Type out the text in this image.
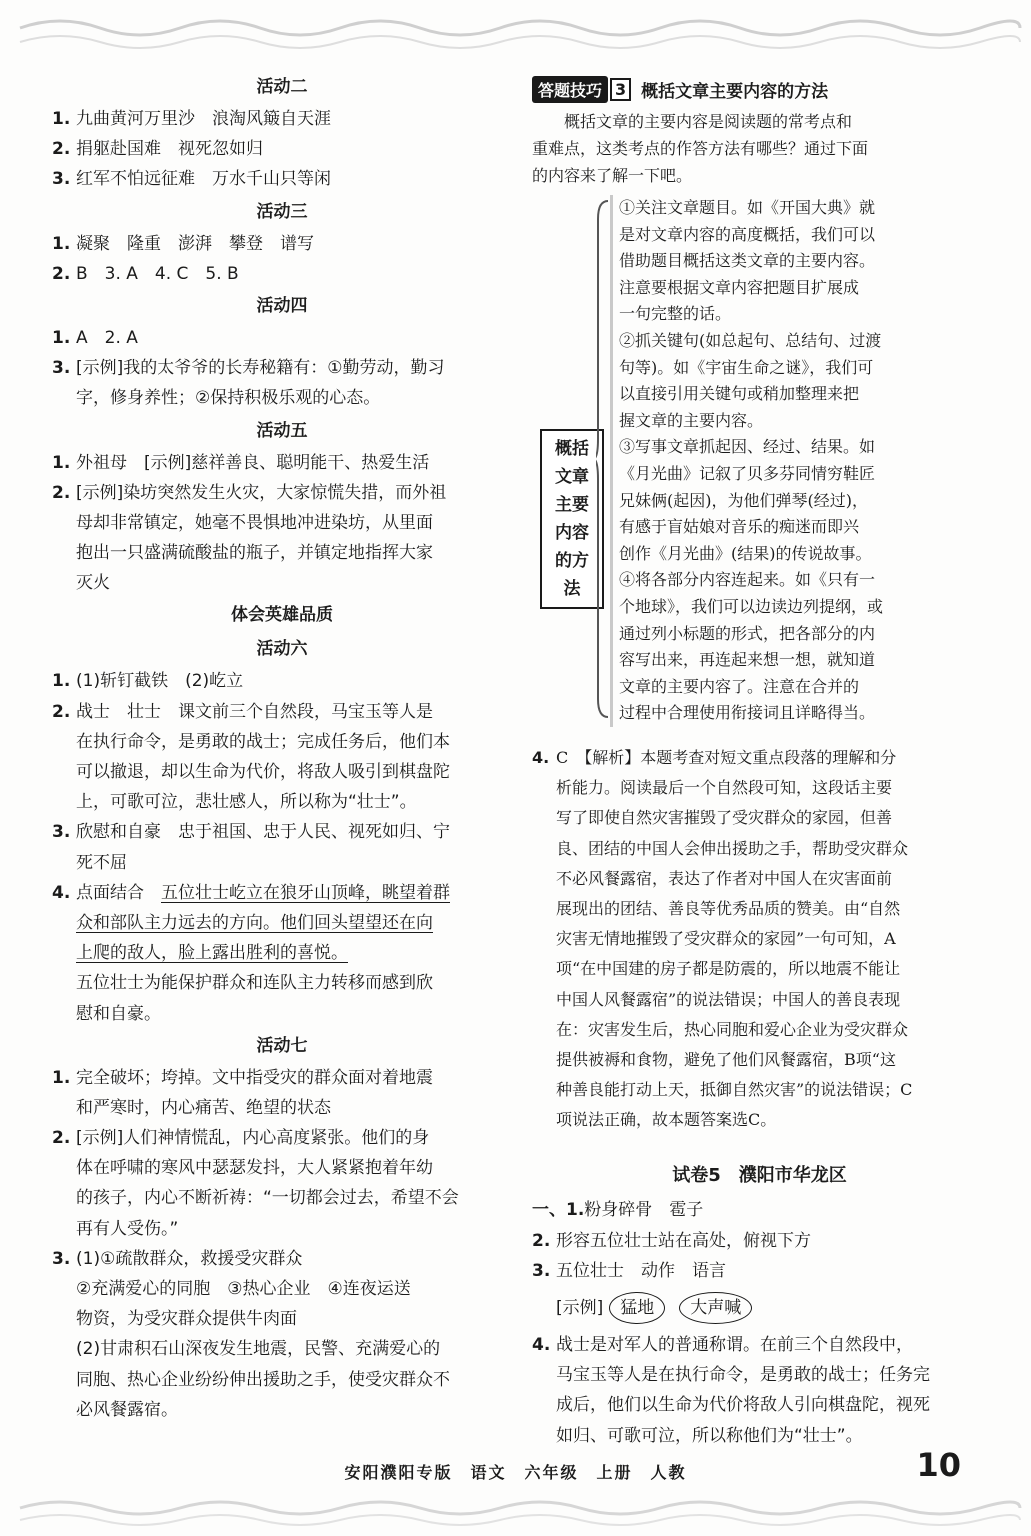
活动二
1. 九曲黄河万里沙　浪淘风簸自天涯
2. 捐躯赴国难　视死忽如归
3. 红军不怕远征难　万水千山只等闲
活动三
1. 凝聚　隆重　澎湃　攀登　谱写
2. B　3. A　4. C　5. B
活动四
1. A　2. A
3. [示例]我的太爷爷的长寿秘籍有：①勤劳动，勤习
字，修身养性；②保持积极乐观的心态。
活动五
1. 外祖母　[示例]慈祥善良、聪明能干、热爱生活
2. [示例]染坊突然发生火灾，大家惊慌失措，而外祖
母却非常镇定，她毫不畏惧地冲进染坊，从里面
抱出一只盛满硫酸盐的瓶子，并镇定地指挥大家
灭火
体会英雄品质
活动六
1. (1)斩钉截铁　(2)屹立
2. 战士　壮士　课文前三个自然段，马宝玉等人是
在执行命令，是勇敢的战士；完成任务后，他们本
可以撤退，却以生命为代价，将敌人吸引到棋盘陀
上，可歌可泣，悲壮感人，所以称为“壮士”。
3. 欣慰和自豪　忠于祖国、忠于人民、视死如归、宁
死不屈
4. 点面结合　五位壮士屹立在狼牙山顶峰，眺望着群
众和部队主力远去的方向。他们回头望望还在向
上爬的敌人，脸上露出胜利的喜悦。
五位壮士为能保护群众和连队主力转移而感到欣
慰和自豪。
活动七
1. 完全破坏；垮掉。文中指受灾的群众面对着地震
和严寒时，内心痛苦、绝望的状态
2. [示例]人们神情慌乱，内心高度紧张。他们的身
体在呼啸的寒风中瑟瑟发抖，大人紧紧抱着年幼
的孩子，内心不断祈祷：“一切都会过去，希望不会
再有人受伤。”
3. (1)①疏散群众，救援受灾群众
②充满爱心的同胞　③热心企业　④连夜运送
物资，为受灾群众提供牛肉面
(2)甘肃积石山深夜发生地震，民警、充满爱心的
同胞、热心企业纷纷伸出援助之手，使受灾群众不
必风餐露宿。
答题技巧 3 概括文章主要内容的方法
概括文章的主要内容是阅读题的常考点和
重难点，这类考点的作答方法有哪些？通过下面
的内容来了解一下吧。
概括
文章
主要
内容
的方
法
①关注文章题目。如《开国大典》就
是对文章内容的高度概括，我们可以
借助题目概括这类文章的主要内容。
注意要根据文章内容把题目扩展成
一句完整的话。
②抓关键句(如总起句、总结句、过渡
句等)。如《宇宙生命之谜》，我们可
以直接引用关键句或稍加整理来把
握文章的主要内容。
③写事文章抓起因、经过、结果。如
《月光曲》记叙了贝多芬同情穷鞋匠
兄妹俩(起因)，为他们弹琴(经过)，
有感于盲姑娘对音乐的痴迷而即兴
创作《月光曲》(结果)的传说故事。
④将各部分内容连起来。如《只有一
个地球》，我们可以边读边列提纲，或
通过列小标题的形式，把各部分的内
容写出来，再连起来想一想，就知道
文章的主要内容了。注意在合并的
过程中合理使用衔接词且详略得当。
4. C　【解析】本题考查对短文重点段落的理解和分
析能力。阅读最后一个自然段可知，这段话主要
写了即使自然灾害摧毁了受灾群众的家园，但善
良、团结的中国人会伸出援助之手，帮助受灾群众
不必风餐露宿，表达了作者对中国人在灾害面前
展现出的团结、善良等优秀品质的赞美。由“自然
灾害无情地摧毁了受灾群众的家园”一句可知，A
项“在中国建的房子都是防震的，所以地震不能让
中国人风餐露宿”的说法错误；中国人的善良表现
在：灾害发生后，热心同胞和爱心企业为受灾群众
提供被褥和食物，避免了他们风餐露宿，B项“这
种善良能打动上天，抵御自然灾害”的说法错误；C
项说法正确，故本题答案选C。
试卷5　濮阳市华龙区
一、1.粉身碎骨　雹子
2. 形容五位壮士站在高处，俯视下方
3. 五位壮士　动作　语言
[示例] 猛地 大声喊
4. 战士是对军人的普通称谓。在前三个自然段中，
马宝玉等人是在执行命令，是勇敢的战士；任务完
成后，他们以生命为代价将敌人引向棋盘陀，视死
如归、可歌可泣，所以称他们为“壮士”。
安阳濮阳专版　语文　六年级　上册　人教	10
